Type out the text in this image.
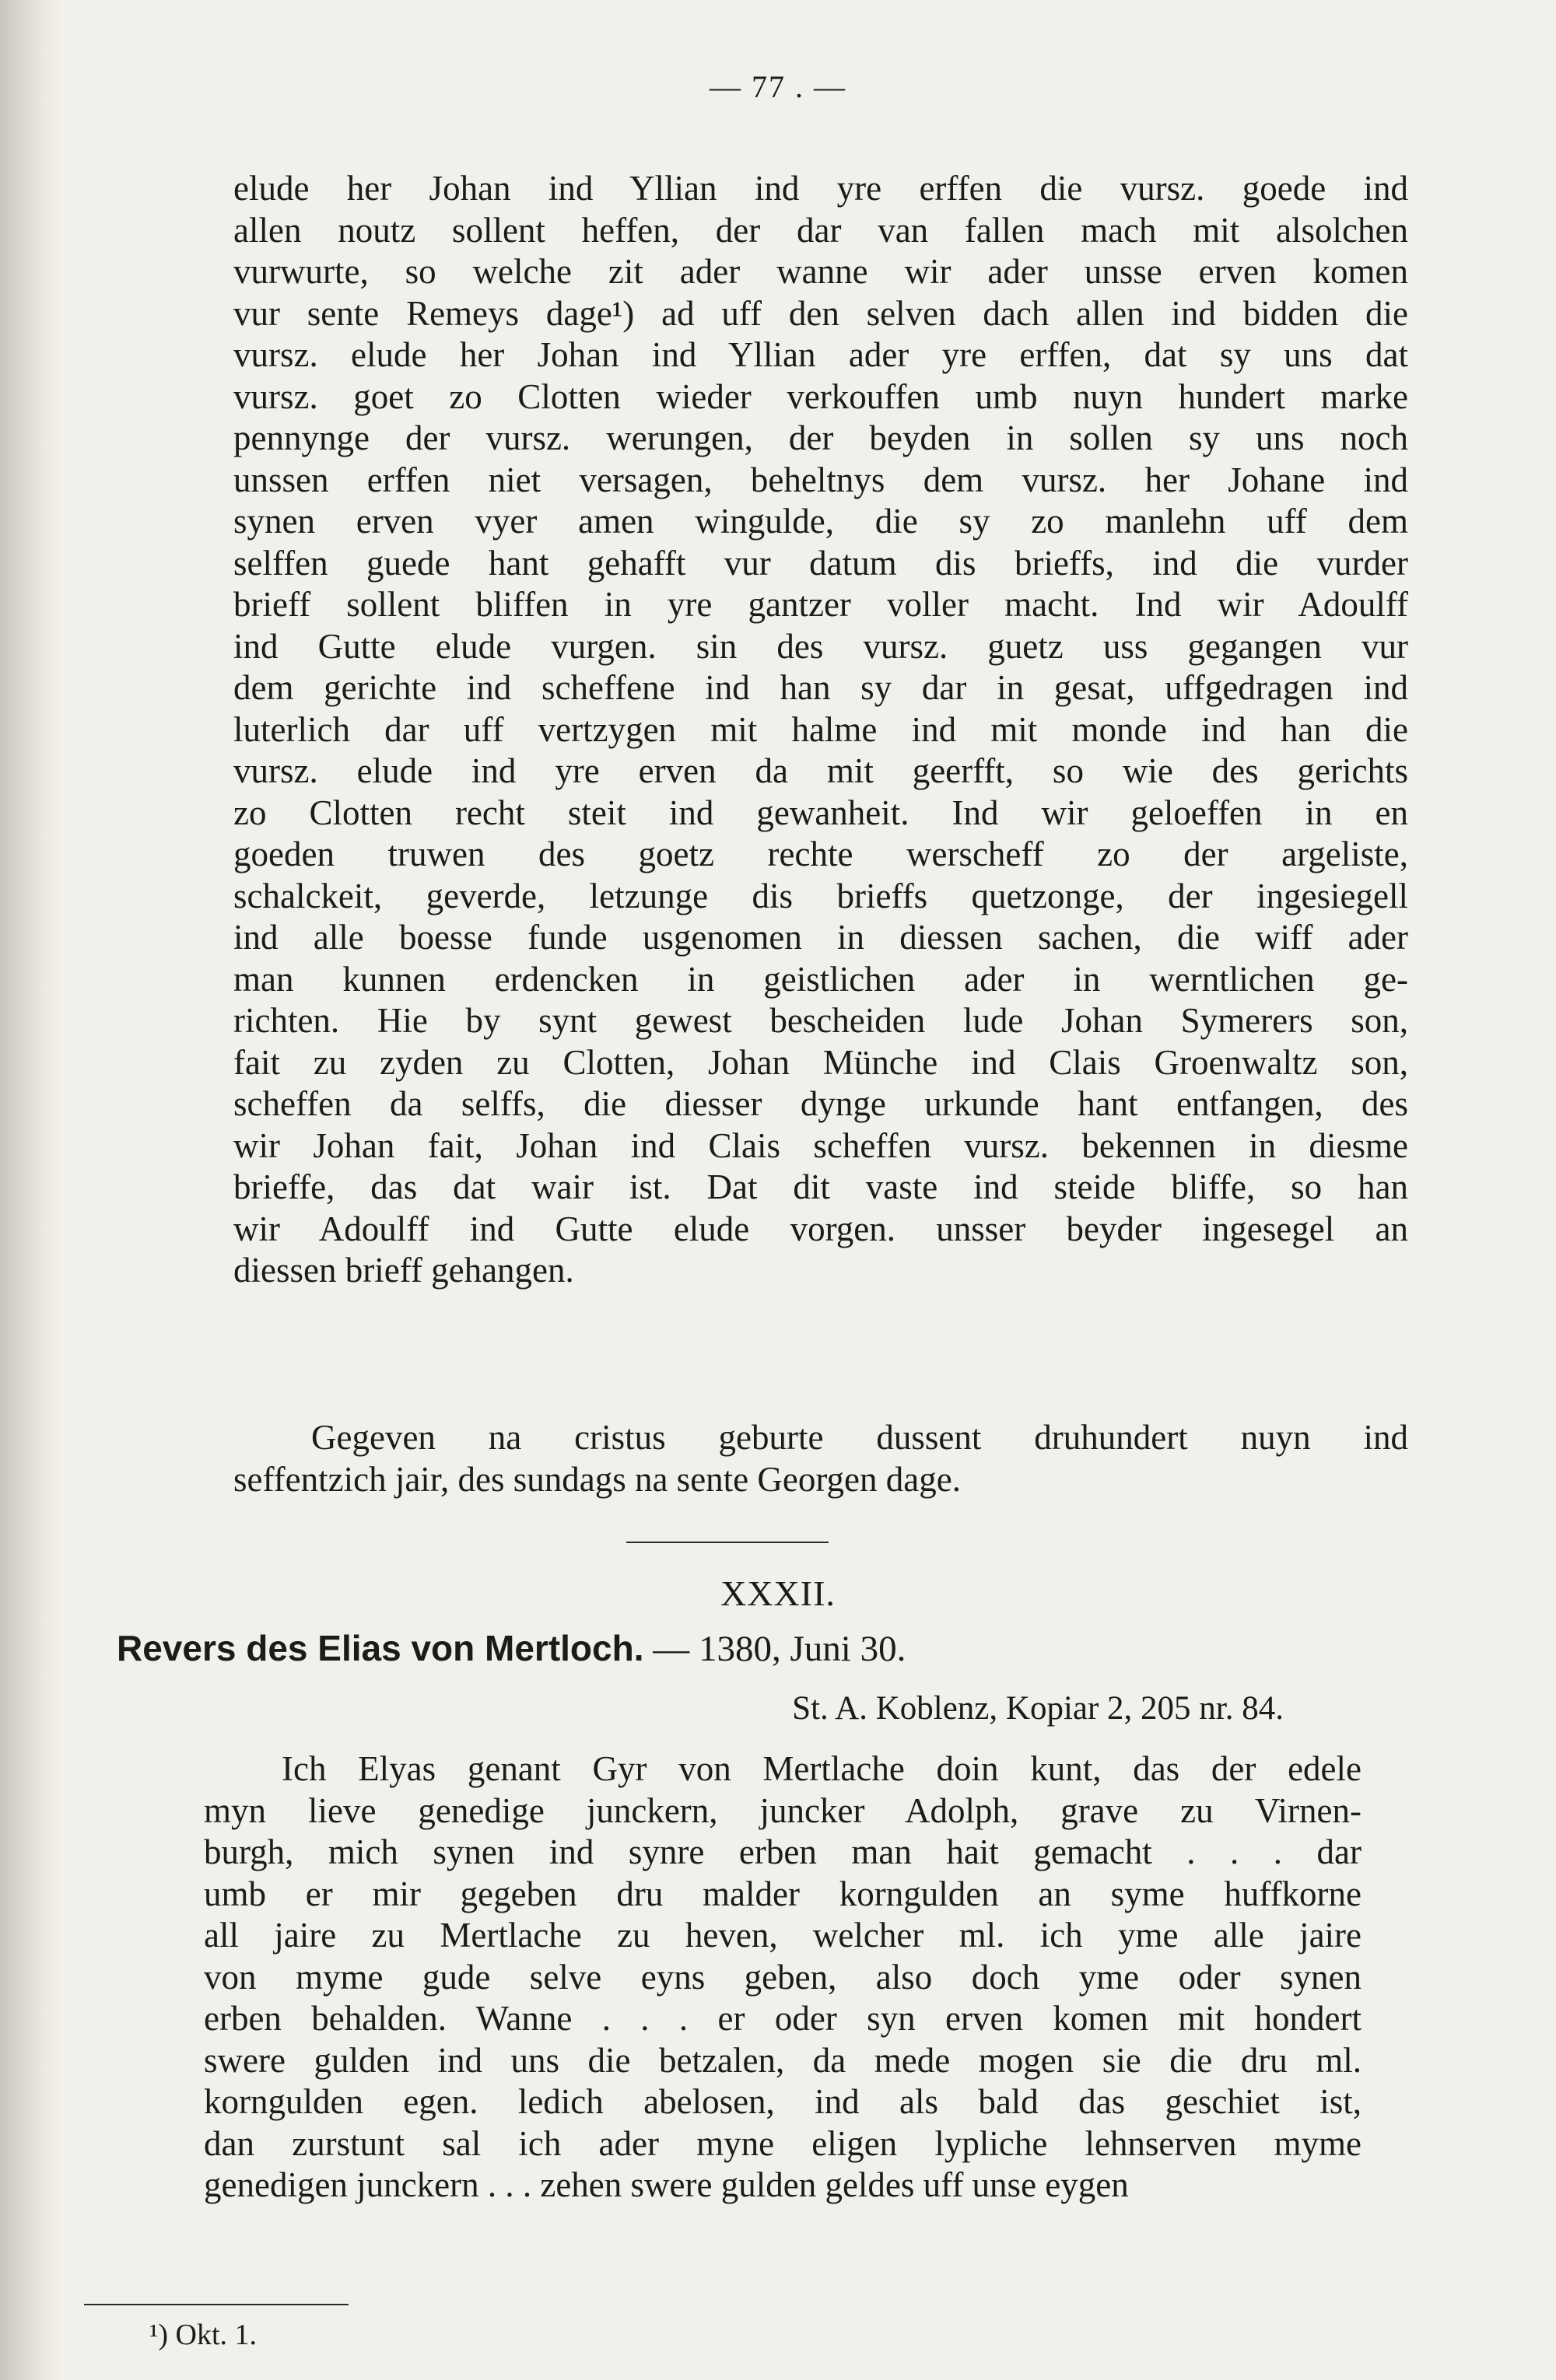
— 77 . —
elude her Johan ind Yllian ind yre erffen die vursz. goede ind
allen noutz sollent heffen, der dar van fallen mach mit alsolchen
vurwurte, so welche zit ader wanne wir ader unsse erven komen
vur sente Remeys dage¹) ad uff den selven dach allen ind bidden die
vursz. elude her Johan ind Yllian ader yre erffen, dat sy uns dat
vursz. goet zo Clotten wieder verkouffen umb nuyn hundert marke
pennynge der vursz. werungen, der beyden in sollen sy uns noch
unssen erffen niet versagen, beheltnys dem vursz. her Johane ind
synen erven vyer amen wingulde, die sy zo manlehn uff dem
selffen guede hant gehafft vur datum dis brieffs, ind die vurder
brieff sollent bliffen in yre gantzer voller macht. Ind wir Adoulff
ind Gutte elude vurgen. sin des vursz. guetz uss gegangen vur
dem gerichte ind scheffene ind han sy dar in gesat, uffgedragen ind
luterlich dar uff vertzygen mit halme ind mit monde ind han die
vursz. elude ind yre erven da mit geerfft, so wie des gerichts
zo Clotten recht steit ind gewanheit. Ind wir geloeffen in en
goeden truwen des goetz rechte werscheff zo der argeliste,
schalckeit, geverde, letzunge dis brieffs quetzonge, der ingesiegell
ind alle boesse funde usgenomen in diessen sachen, die wiff ader
man kunnen erdencken in geistlichen ader in werntlichen ge-
richten. Hie by synt gewest bescheiden lude Johan Symerers son,
fait zu zyden zu Clotten, Johan Münche ind Clais Groenwaltz son,
scheffen da selffs, die diesser dynge urkunde hant entfangen, des
wir Johan fait, Johan ind Clais scheffen vursz. bekennen in diesme
brieffe, das dat wair ist. Dat dit vaste ind steide bliffe, so han
wir Adoulff ind Gutte elude vorgen. unsser beyder ingesegel an
diessen brieff gehangen.
Gegeven na cristus geburte dussent druhundert nuyn ind
seffentzich jair, des sundags na sente Georgen dage.
XXXII.
Revers des Elias von Mertloch. — 1380, Juni 30.
St. A. Koblenz, Kopiar 2, 205 nr. 84.
Ich Elyas genant Gyr von Mertlache doin kunt, das der edele
myn lieve genedige junckern, juncker Adolph, grave zu Virnen-
burgh, mich synen ind synre erben man hait gemacht . . . dar
umb er mir gegeben dru malder korngulden an syme huffkorne
all jaire zu Mertlache zu heven, welcher ml. ich yme alle jaire
von myme gude selve eyns geben, also doch yme oder synen
erben behalden. Wanne . . . er oder syn erven komen mit hondert
swere gulden ind uns die betzalen, da mede mogen sie die dru ml.
korngulden egen. ledich abelosen, ind als bald das geschiet ist,
dan zurstunt sal ich ader myne eligen lypliche lehnserven myme
genedigen junckern . . . zehen swere gulden geldes uff unse eygen
¹) Okt. 1.
